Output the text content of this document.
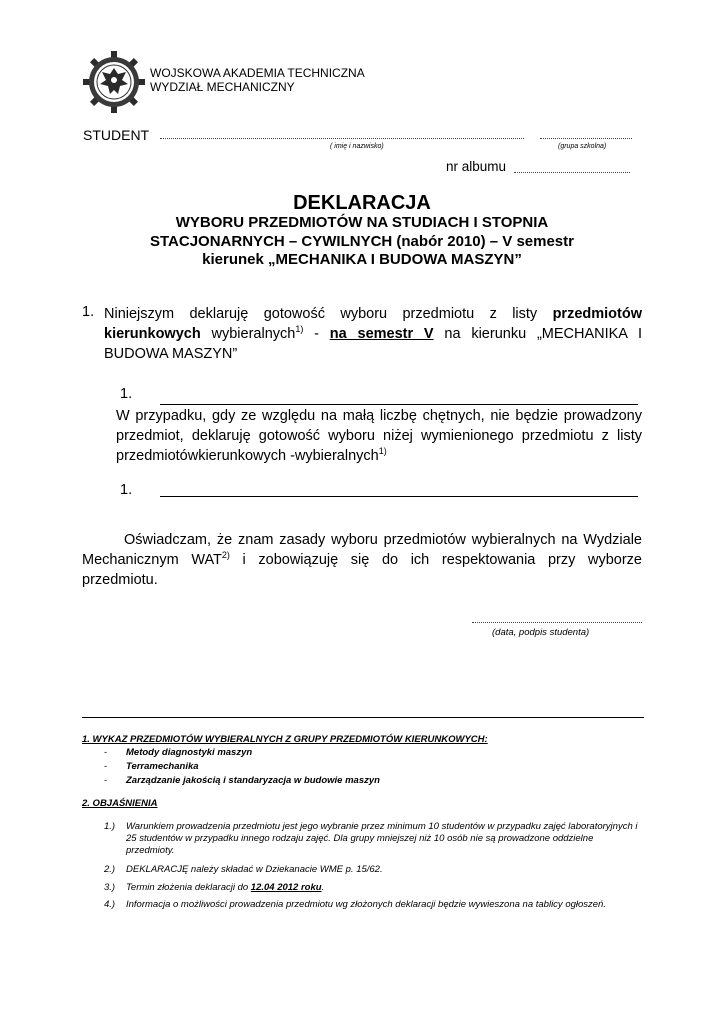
WOJSKOWA AKADEMIA TECHNICZNA
WYDZIAŁ MECHANICZNY
STUDENT
( imię i nazwisko)	(grupa szkolna)
nr albumu
DEKLARACJA
WYBORU PRZEDMIOTÓW NA STUDIACH I STOPNIA
STACJONARNYCH – CYWILNYCH (nabór 2010) – V semestr
kierunek „MECHANIKA I BUDOWA MASZYN”
1. Niniejszym deklaruję gotowość wyboru przedmiotu z listy przedmiotów kierunkowych wybieralnych$^{1)}$ - na semestr V na kierunku „MECHANIKA I BUDOWA MASZYN”
1.
W przypadku, gdy ze względu na małą liczbę chętnych, nie będzie prowadzony przedmiot, deklaruję gotowość wyboru niżej wymienionego przedmiotu z listy przedmiotówkierunkowych -wybieralnych$^{1)}$
1.
Oświadczam, że znam zasady wyboru przedmiotów wybieralnych na Wydziale Mechanicznym WAT$^{2)}$ i zobowiązuję się do ich respektowania przy wyborze przedmiotu.
(data, podpis studenta)
1. WYKAZ PRZEDMIOTÓW WYBIERALNYCH Z GRUPY PRZEDMIOTÓW KIERUNKOWYCH:
- Metody diagnostyki maszyn
- Terramechanika
- Zarządzanie jakością i standaryzacja w budowie maszyn
2. OBJAŚNIENIA
1.) Warunkiem prowadzenia przedmiotu jest jego wybranie przez minimum 10 studentów w przypadku zajęć laboratoryjnych i 25 studentów w przypadku innego rodzaju zajęć. Dla grupy mniejszej niż 10 osób nie są prowadzone oddzielne przedmioty.
2.) DEKLARACJĘ należy składać w Dziekanacie WME p. 15/62.
3.) Termin złożenia deklaracji do 12.04 2012 roku.
4.) Informacja o możliwości prowadzenia przedmiotu wg złożonych deklaracji będzie wywieszona na tablicy ogłoszeń.
